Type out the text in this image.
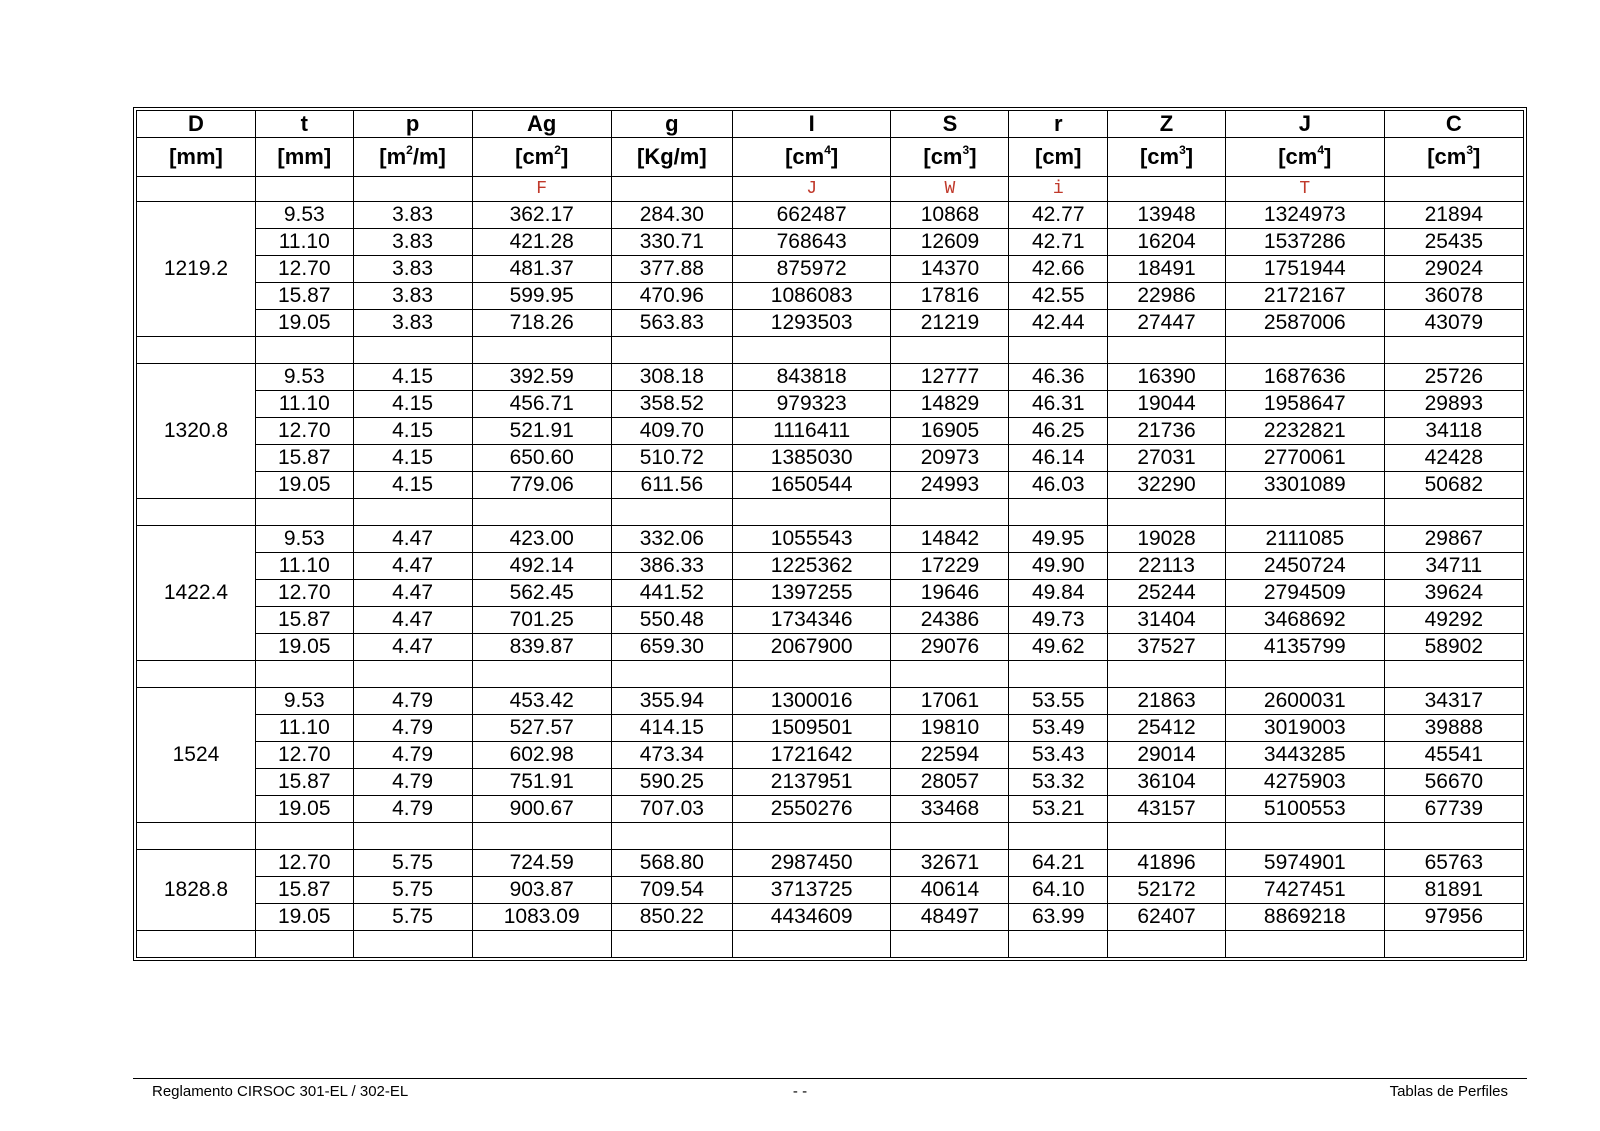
D	t	p	Ag	g	I	S	r	Z	J	C
[mm]	[mm]	$[m^2/m]$	$[cm^2]$	[Kg/m]	$[cm^4]$	$[cm^3]$	[cm]	$[cm^3]$	$[cm^4]$	$[cm^3]$
			F		J	W	i		T	
1219.2	9.53	3.83	362.17	284.30	662487	10868	42.77	13948	1324973	21894
	11.10	3.83	421.28	330.71	768643	12609	42.71	16204	1537286	25435
	12.70	3.83	481.37	377.88	875972	14370	42.66	18491	1751944	29024
	15.87	3.83	599.95	470.96	1086083	17816	42.55	22986	2172167	36078
	19.05	3.83	718.26	563.83	1293503	21219	42.44	27447	2587006	43079

1320.8	9.53	4.15	392.59	308.18	843818	12777	46.36	16390	1687636	25726
	11.10	4.15	456.71	358.52	979323	14829	46.31	19044	1958647	29893
	12.70	4.15	521.91	409.70	1116411	16905	46.25	21736	2232821	34118
	15.87	4.15	650.60	510.72	1385030	20973	46.14	27031	2770061	42428
	19.05	4.15	779.06	611.56	1650544	24993	46.03	32290	3301089	50682

1422.4	9.53	4.47	423.00	332.06	1055543	14842	49.95	19028	2111085	29867
	11.10	4.47	492.14	386.33	1225362	17229	49.90	22113	2450724	34711
	12.70	4.47	562.45	441.52	1397255	19646	49.84	25244	2794509	39624
	15.87	4.47	701.25	550.48	1734346	24386	49.73	31404	3468692	49292
	19.05	4.47	839.87	659.30	2067900	29076	49.62	37527	4135799	58902

1524	9.53	4.79	453.42	355.94	1300016	17061	53.55	21863	2600031	34317
	11.10	4.79	527.57	414.15	1509501	19810	53.49	25412	3019003	39888
	12.70	4.79	602.98	473.34	1721642	22594	53.43	29014	3443285	45541
	15.87	4.79	751.91	590.25	2137951	28057	53.32	36104	4275903	56670
	19.05	4.79	900.67	707.03	2550276	33468	53.21	43157	5100553	67739

1828.8	12.70	5.75	724.59	568.80	2987450	32671	64.21	41896	5974901	65763
	15.87	5.75	903.87	709.54	3713725	40614	64.10	52172	7427451	81891
	19.05	5.75	1083.09	850.22	4434609	48497	63.99	62407	8869218	97956

Reglamento CIRSOC 301-EL / 302-EL	- -	Tablas de Perfiles
